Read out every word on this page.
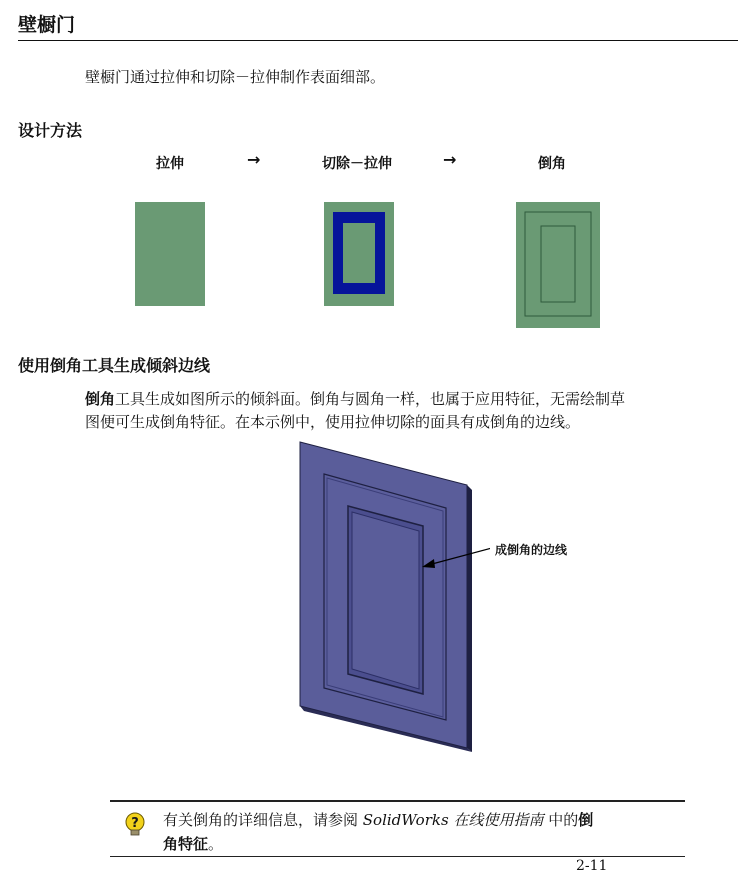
壁橱门
壁橱门通过拉伸和切除－拉伸制作表面细部。
设计方法
拉伸	→	切除－拉伸	→	倒角
使用倒角工具生成倾斜边线
倒角工具生成如图所示的倾斜面。倒角与圆角一样，也属于应用特征，无需绘制草
图便可生成倒角特征。在本示例中，使用拉伸切除的面具有成倒角的边线。
成倒角的边线
? 有关倒角的详细信息，请参阅 SolidWorks 在线使用指南 中的倒
角特征。
2-11
